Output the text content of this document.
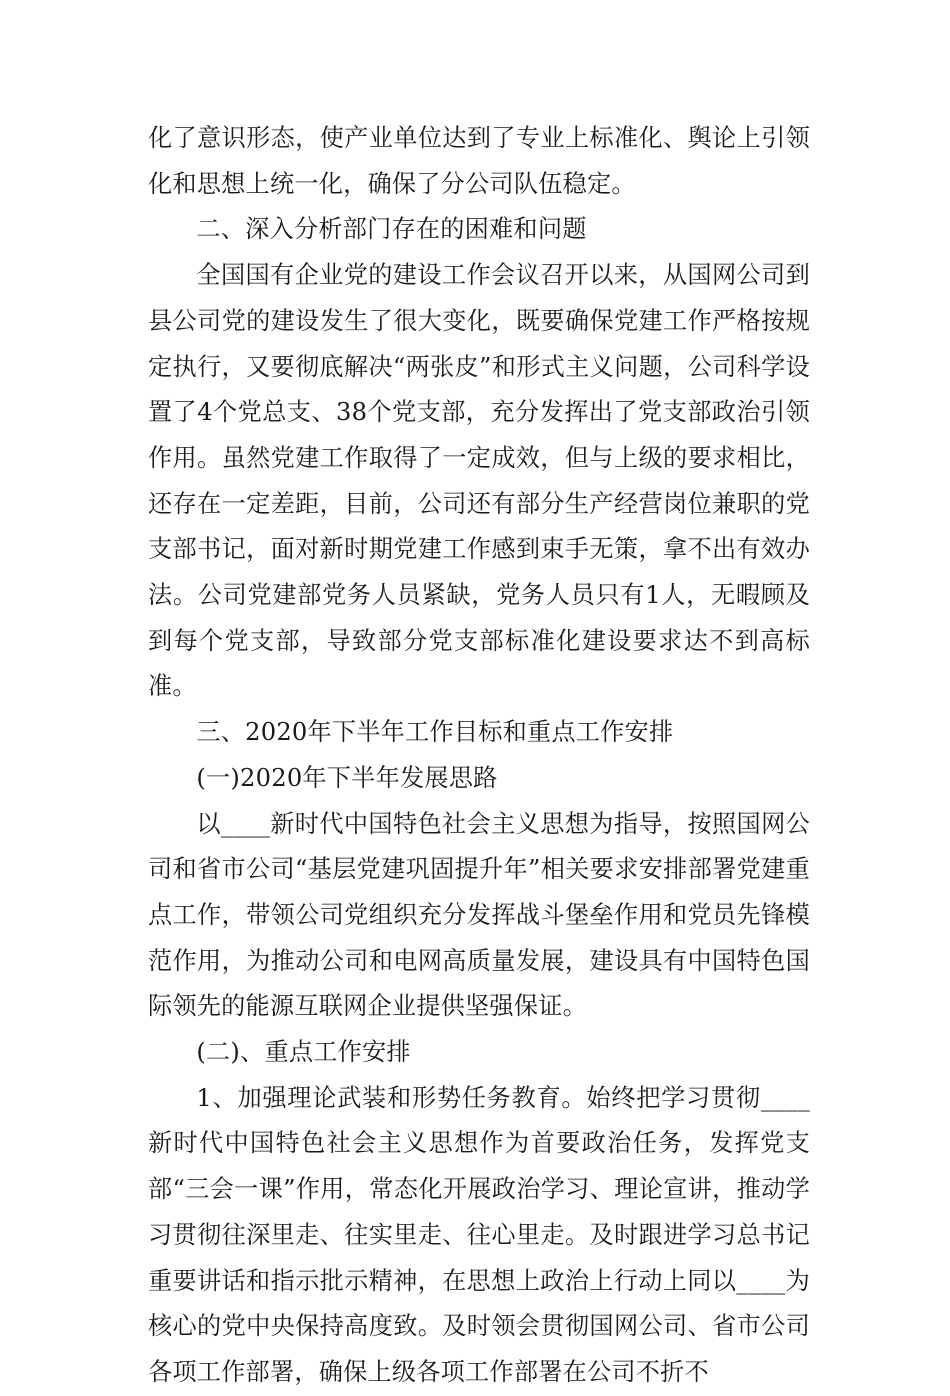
化了意识形态，使产业单位达到了专业上标准化、舆论上引领化和思想上统一化，确保了分公司队伍稳定。

二、深入分析部门存在的困难和问题

全国国有企业党的建设工作会议召开以来，从国网公司到县公司党的建设发生了很大变化，既要确保党建工作严格按规定执行，又要彻底解决“两张皮”和形式主义问题，公司科学设置了4个党总支、38个党支部，充分发挥出了党支部政治引领作用。虽然党建工作取得了一定成效，但与上级的要求相比，还存在一定差距，目前，公司还有部分生产经营岗位兼职的党支部书记，面对新时期党建工作感到束手无策，拿不出有效办法。公司党建部党务人员紧缺，党务人员只有1人，无暇顾及到每个党支部，导致部分党支部标准化建设要求达不到高标准。

三、2020年下半年工作目标和重点工作安排

(一)2020年下半年发展思路

以____新时代中国特色社会主义思想为指导，按照国网公司和省市公司“基层党建巩固提升年”相关要求安排部署党建重点工作，带领公司党组织充分发挥战斗堡垒作用和党员先锋模范作用，为推动公司和电网高质量发展，建设具有中国特色国际领先的能源互联网企业提供坚强保证。

(二)、重点工作安排

1、加强理论武装和形势任务教育。始终把学习贯彻____新时代中国特色社会主义思想作为首要政治任务，发挥党支部“三会一课”作用，常态化开展政治学习、理论宣讲，推动学习贯彻往深里走、往实里走、往心里走。及时跟进学习总书记重要讲话和指示批示精神，在思想上政治上行动上同以____为核心的党中央保持高度致。及时领会贯彻国网公司、省市公司各项工作部署，确保上级各项工作部署在公司不折不
